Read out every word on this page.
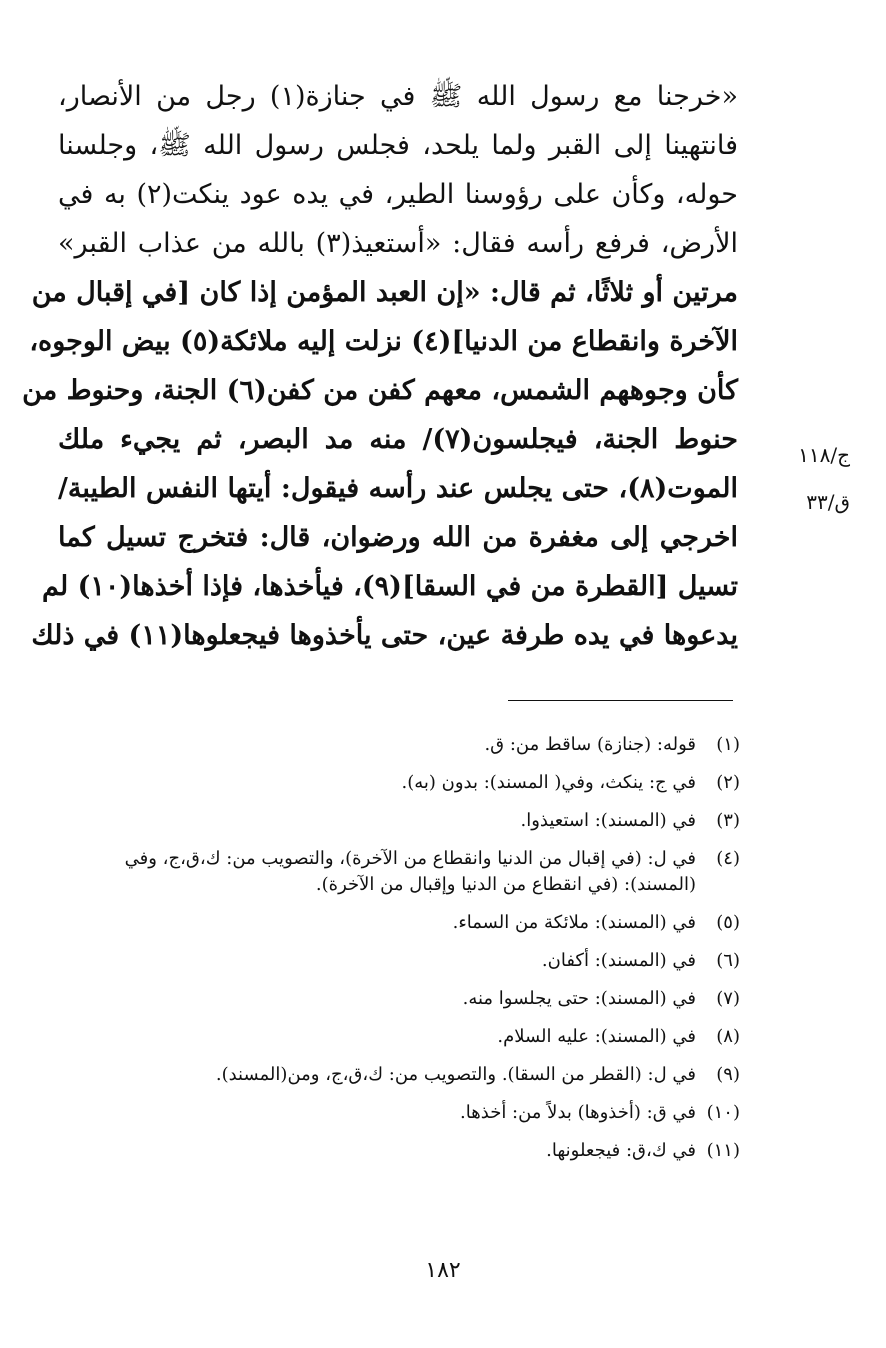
«خرجنا مع رسول الله ﷺ في جنازة(١) رجل من الأنصار،
فانتهينا إلى القبر ولما يلحد، فجلس رسول الله ﷺ، وجلسنا
حوله، وكأن على رؤوسنا الطير، في يده عود ينكت(٢) به في
الأرض، فرفع رأسه فقال: «أستعيذ(٣) بالله من عذاب القبر»
مرتين أو ثلاثًا، ثم قال: «إن العبد المؤمن إذا كان [في إقبال من
الآخرة وانقطاع من الدنيا](٤) نزلت إليه ملائكة(٥) بيض الوجوه،
كأن وجوههم الشمس، معهم كفن من كفن(٦) الجنة، وحنوط من
حنوط الجنة، فيجلسون(٧)/ منه مد البصر، ثم يجيء ملك
الموت(٨)، حتى يجلس عند رأسه فيقول: أيتها النفس الطيبة/
اخرجي إلى مغفرة من الله ورضوان، قال: فتخرج تسيل كما
تسيل [القطرة من في السقا](٩)، فيأخذها، فإذا أخذها(١٠) لم
يدعوها في يده طرفة عين، حتى يأخذوها فيجعلوها(١١) في ذلك
ج/١١٨
ق/٣٣
(١)
قوله: (جنازة) ساقط من: ق.
(٢)
في ج: ينكث، وفي( المسند): بدون (به).
(٣)
في (المسند): استعيذوا.
(٤)
في ل: (في إقبال من الدنيا وانقطاع من الآخرة)، والتصويب من: ك،ق،ج، وفي (المسند): (في انقطاع من الدنيا وإقبال من الآخرة).
(٥)
في (المسند): ملائكة من السماء.
(٦)
في (المسند): أكفان.
(٧)
في (المسند): حتى يجلسوا منه.
(٨)
في (المسند): عليه السلام.
(٩)
في ل: (القطر من السقا). والتصويب من: ك،ق،ج، ومن(المسند).
(١٠)
في ق: (أخذوها) بدلاً من: أخذها.
(١١)
في ك،ق: فيجعلونها.
١٨٢
